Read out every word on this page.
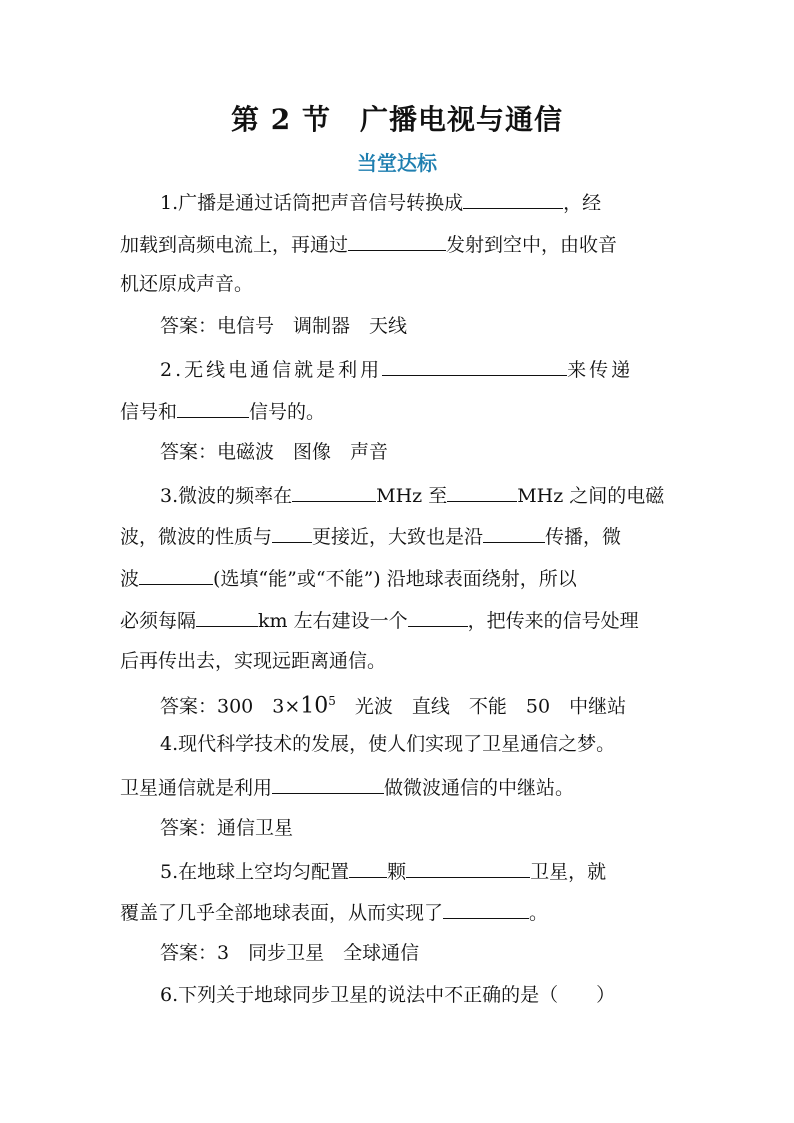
第 2 节　广播电视与通信
当堂达标
1.广播是通过话筒把声音信号转换成	，经
加载到高频电流上，再通过	发射到空中，由收音
机还原成声音。
答案：电信号　调制器　天线
2.无线电通信就是利用	来传递
信号和	信号的。
答案：电磁波　图像　声音
3.微波的频率在	MHz 至	MHz 之间的电磁
波，微波的性质与 更接近，大致也是沿	传播，微
波	(选填“能”或“不能”) 沿地球表面绕射，所以
必须每隔	km 左右建设一个	，把传来的信号处理
后再传出去，实现远距离通信。
答案：300　$3\times 10^5$　光波　直线　不能　50　中继站
4.现代科学技术的发展，使人们实现了卫星通信之梦。
卫星通信就是利用	做微波通信的中继站。
答案：通信卫星
5.在地球上空均匀配置 颗	卫星，就
覆盖了几乎全部地球表面，从而实现了	。
答案：3　同步卫星　全球通信
6.下列关于地球同步卫星的说法中不正确的是（　　）
